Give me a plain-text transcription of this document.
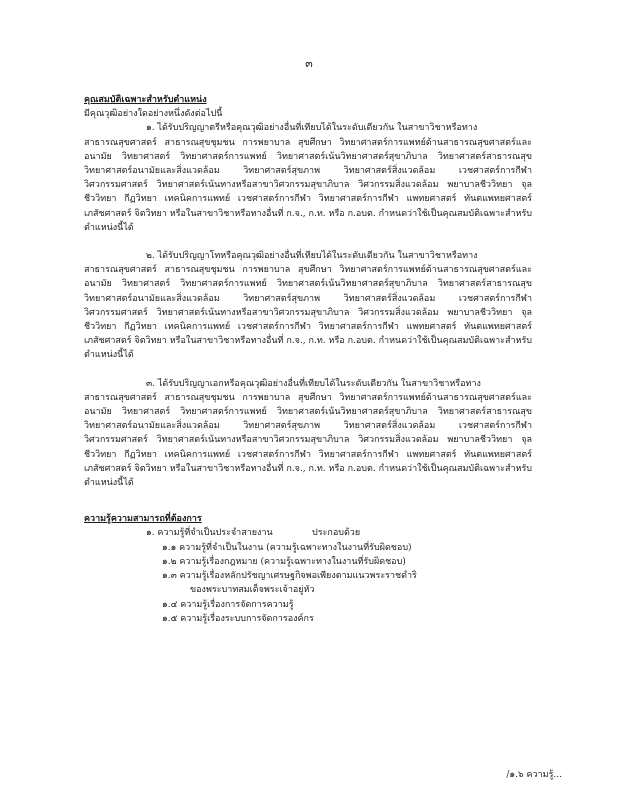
๓

คุณสมบัติเฉพาะสำหรับตำแหน่ง

มีคุณวุฒิอย่างใดอย่างหนึ่งดังต่อไปนี้

๑. ได้รับปริญญาตรีหรือคุณวุฒิอย่างอื่นที่เทียบได้ในระดับเดียวกัน ในสาขาวิชาหรือทาง
สาธารณสุขศาสตร์ สาธารณสุขชุมชน การพยาบาล สุขศึกษา วิทยาศาสตร์การแพทย์ด้านสาธารณสุขศาสตร์และอนามัย วิทยาศาสตร์ วิทยาศาสตร์การแพทย์ วิทยาศาสตร์เน้นวิทยาศาสตร์สุขาภิบาล วิทยาศาสตร์สาธารณสุข วิทยาศาสตร์อนามัยและสิ่งแวดล้อม วิทยาศาสตร์สุขภาพ วิทยาศาสตร์สิ่งแวดล้อม เวชศาสตร์การกีฬา วิศวกรรมศาสตร์ วิทยาศาสตร์เน้นทางหรือสาขาวิศวกรรมสุขาภิบาล วิศวกรรมสิ่งแวดล้อม พยาบาลชีววิทยา จุลชีววิทยา กีฏวิทยา เทคนิคการแพทย์ เวชศาสตร์การกีฬา วิทยาศาสตร์การกีฬา แพทยศาสตร์ ทันตแพทยศาสตร์ เภสัชศาสตร์ จิตวิทยา หรือในสาขาวิชาหรือทางอื่นที่ ก.จ., ก.ท. หรือ ก.อบต. กำหนดว่าใช้เป็นคุณสมบัติเฉพาะสำหรับตำแหน่งนี้ได้

๒. ได้รับปริญญาโทหรือคุณวุฒิอย่างอื่นที่เทียบได้ในระดับเดียวกัน ในสาขาวิชาหรือทาง
สาธารณสุขศาสตร์ สาธารณสุขชุมชน การพยาบาล สุขศึกษา วิทยาศาสตร์การแพทย์ด้านสาธารณสุขศาสตร์และอนามัย วิทยาศาสตร์ วิทยาศาสตร์การแพทย์ วิทยาศาสตร์เน้นวิทยาศาสตร์สุขาภิบาล วิทยาศาสตร์สาธารณสุข วิทยาศาสตร์อนามัยและสิ่งแวดล้อม วิทยาศาสตร์สุขภาพ วิทยาศาสตร์สิ่งแวดล้อม เวชศาสตร์การกีฬา วิศวกรรมศาสตร์ วิทยาศาสตร์เน้นทางหรือสาขาวิศวกรรมสุขาภิบาล วิศวกรรมสิ่งแวดล้อม พยาบาลชีววิทยา จุลชีววิทยา กีฏวิทยา เทคนิคการแพทย์ เวชศาสตร์การกีฬา วิทยาศาสตร์การกีฬา แพทยศาสตร์ ทันตแพทยศาสตร์ เภสัชศาสตร์ จิตวิทยา หรือในสาขาวิชาหรือทางอื่นที่ ก.จ., ก.ท. หรือ ก.อบต. กำหนดว่าใช้เป็นคุณสมบัติเฉพาะสำหรับตำแหน่งนี้ได้

๓. ได้รับปริญญาเอกหรือคุณวุฒิอย่างอื่นที่เทียบได้ในระดับเดียวกัน ในสาขาวิชาหรือทาง
สาธารณสุขศาสตร์ สาธารณสุขชุมชน การพยาบาล สุขศึกษา วิทยาศาสตร์การแพทย์ด้านสาธารณสุขศาสตร์และอนามัย วิทยาศาสตร์ วิทยาศาสตร์การแพทย์ วิทยาศาสตร์เน้นวิทยาศาสตร์สุขาภิบาล วิทยาศาสตร์สาธารณสุข วิทยาศาสตร์อนามัยและสิ่งแวดล้อม วิทยาศาสตร์สุขภาพ วิทยาศาสตร์สิ่งแวดล้อม เวชศาสตร์การกีฬา วิศวกรรมศาสตร์ วิทยาศาสตร์เน้นทางหรือสาขาวิศวกรรมสุขาภิบาล วิศวกรรมสิ่งแวดล้อม พยาบาลชีววิทยา จุลชีววิทยา กีฏวิทยา เทคนิคการแพทย์ เวชศาสตร์การกีฬา วิทยาศาสตร์การกีฬา แพทยศาสตร์ ทันตแพทยศาสตร์ เภสัชศาสตร์ จิตวิทยา หรือในสาขาวิชาหรือทางอื่นที่ ก.จ., ก.ท. หรือ ก.อบต. กำหนดว่าใช้เป็นคุณสมบัติเฉพาะสำหรับตำแหน่งนี้ได้

ความรู้ความสามารถที่ต้องการ

๑. ความรู้ที่จำเป็นประจำสายงาน	ประกอบด้วย
๑.๑ ความรู้ที่จำเป็นในงาน (ความรู้เฉพาะทางในงานที่รับผิดชอบ)
๑.๒ ความรู้เรื่องกฎหมาย (ความรู้เฉพาะทางในงานที่รับผิดชอบ)
๑.๓ ความรู้เรื่องหลักปรัชญาเศรษฐกิจพอเพียงตามแนวพระราชดำริ
ของพระบาทสมเด็จพระเจ้าอยู่หัว
๑.๔ ความรู้เรื่องการจัดการความรู้
๑.๕ ความรู้เรื่องระบบการจัดการองค์กร
/๑.๖ ความรู้...
